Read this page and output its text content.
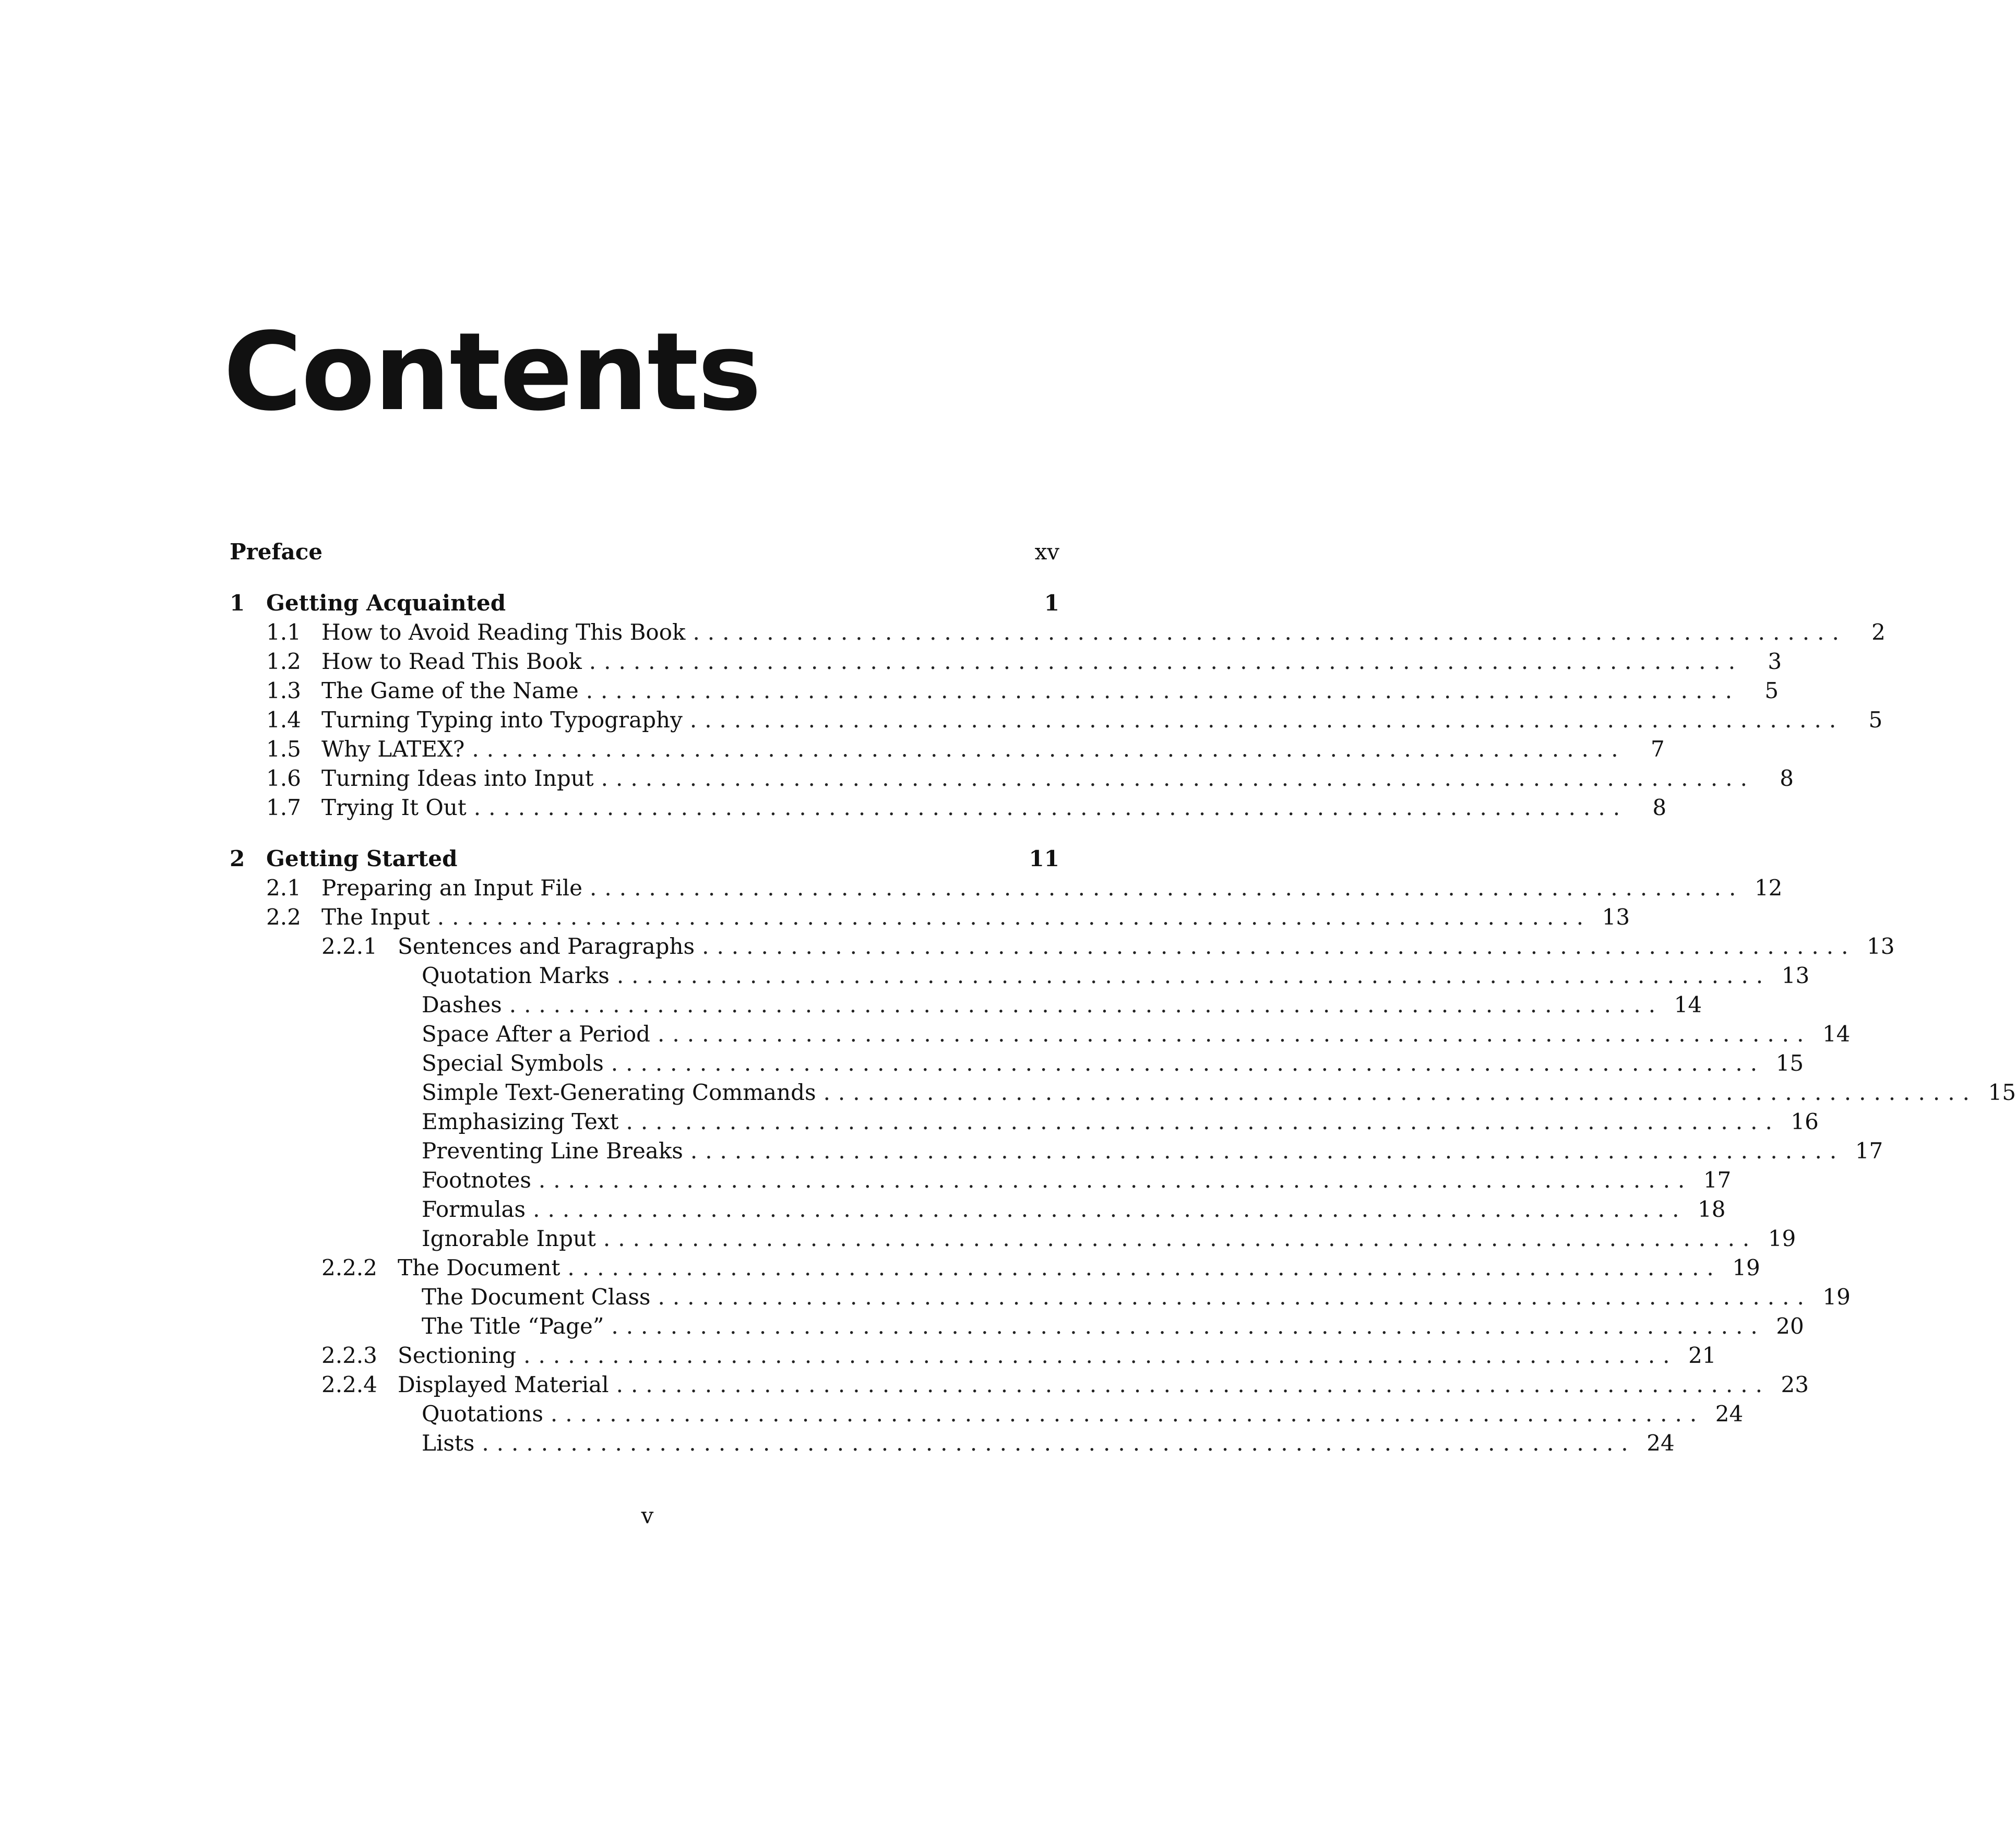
Contents
Preface	xv
1 Getting Acquainted	1
1.1 How to Avoid Reading This Book ..............................................................................	2
1.2 How to Read This Book ..............................................................................	3
1.3 The Game of the Name ..............................................................................	5
1.4 Turning Typing into Typography ..............................................................................	5
1.5 Why LATEX? ..............................................................................	7
1.6 Turning Ideas into Input ..............................................................................	8
1.7 Trying It Out ..............................................................................	8
2 Getting Started	11
2.1 Preparing an Input File .............................................................................. 12
2.2 The Input .............................................................................. 13
2.2.1 Sentences and Paragraphs .............................................................................. 13
Quotation Marks .............................................................................. 13
Dashes .............................................................................. 14
Space After a Period .............................................................................. 14
Special Symbols .............................................................................. 15
Simple Text-Generating Commands .............................................................................. 15
Emphasizing Text .............................................................................. 16
Preventing Line Breaks .............................................................................. 17
Footnotes .............................................................................. 17
Formulas .............................................................................. 18
Ignorable Input .............................................................................. 19
2.2.2 The Document .............................................................................. 19
The Document Class .............................................................................. 19
The Title “Page” .............................................................................. 20
2.2.3 Sectioning .............................................................................. 21
2.2.4 Displayed Material .............................................................................. 23
Quotations .............................................................................. 24
Lists .............................................................................. 24
v
